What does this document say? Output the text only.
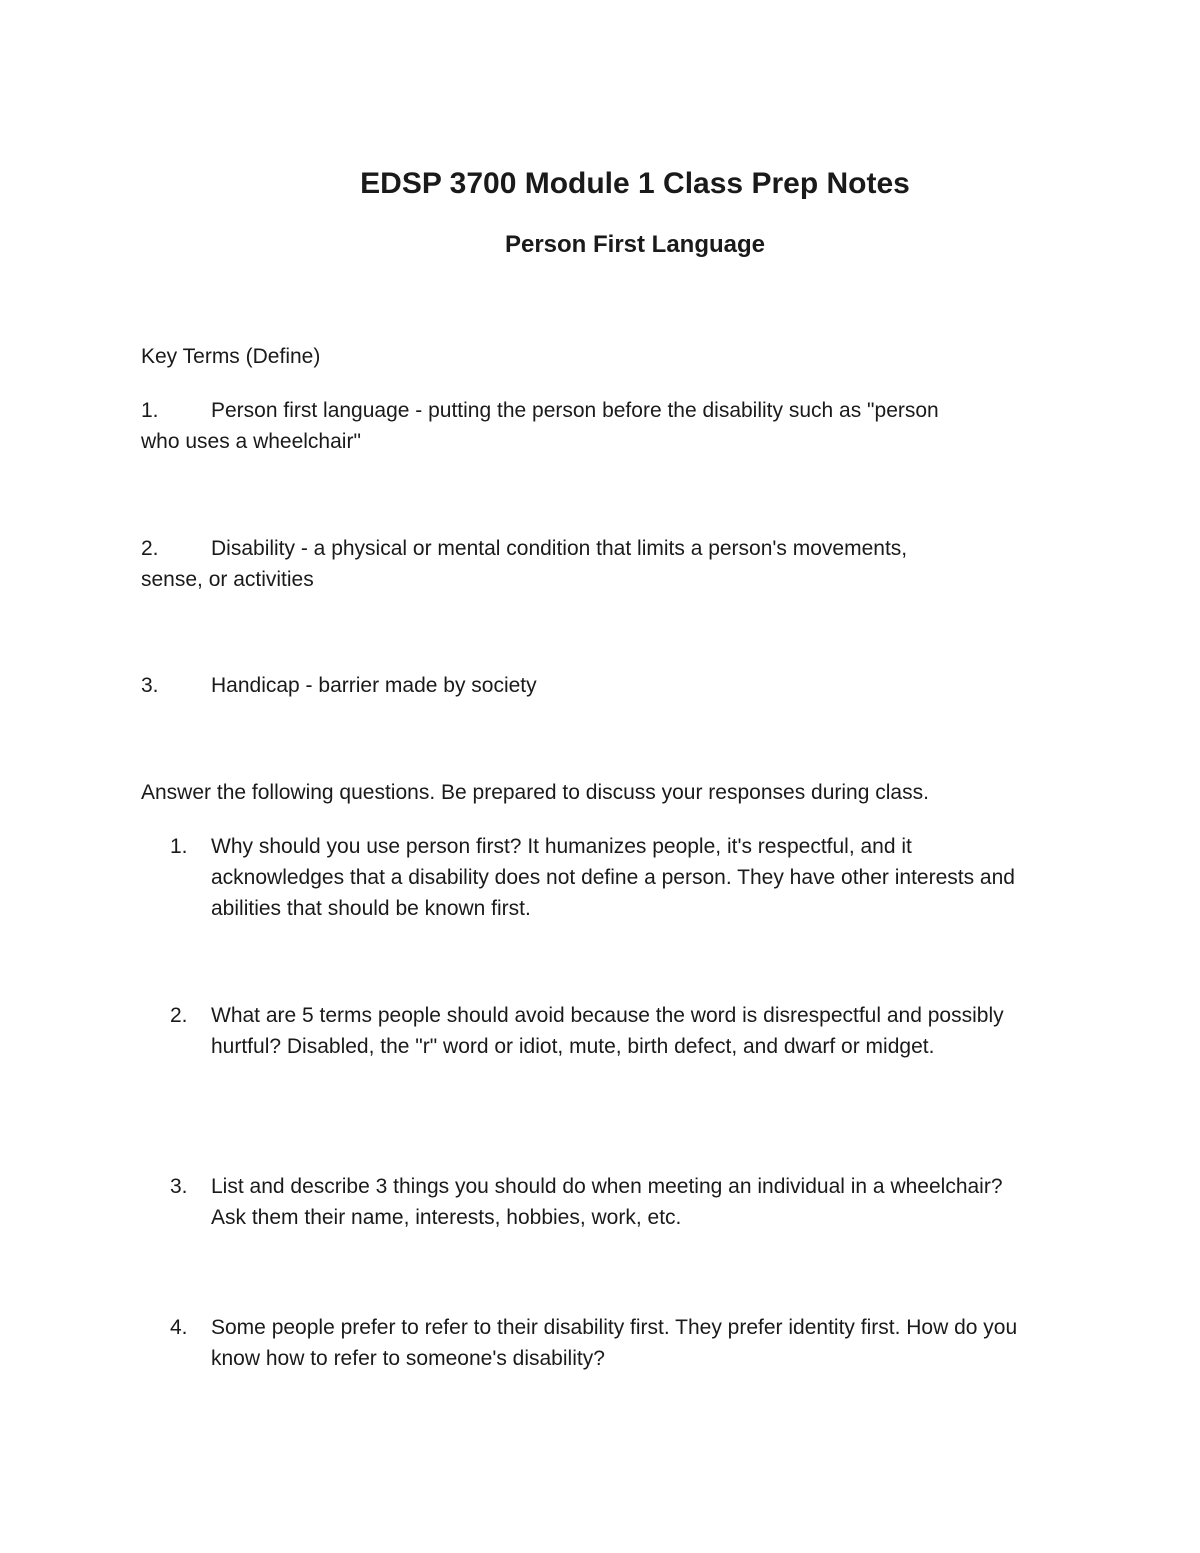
EDSP 3700 Module 1 Class Prep Notes
Person First Language

Key Terms (Define)

1. Person first language - putting the person before the disability such as "person
who uses a wheelchair"
2. Disability - a physical or mental condition that limits a person's movements,
sense, or activities
3. Handicap - barrier made by society

Answer the following questions. Be prepared to discuss your responses during class.

1.	Why should you use person first? It humanizes people, it's respectful, and it acknowledges that a disability does not define a person. They have other interests and abilities that should be known first.
2.	What are 5 terms people should avoid because the word is disrespectful and possibly hurtful? Disabled, the "r" word or idiot, mute, birth defect, and dwarf or midget.
3.	List and describe 3 things you should do when meeting an individual in a wheelchair? Ask them their name, interests, hobbies, work, etc.
4.	Some people prefer to refer to their disability first. They prefer identity first. How do you know how to refer to someone's disability?
